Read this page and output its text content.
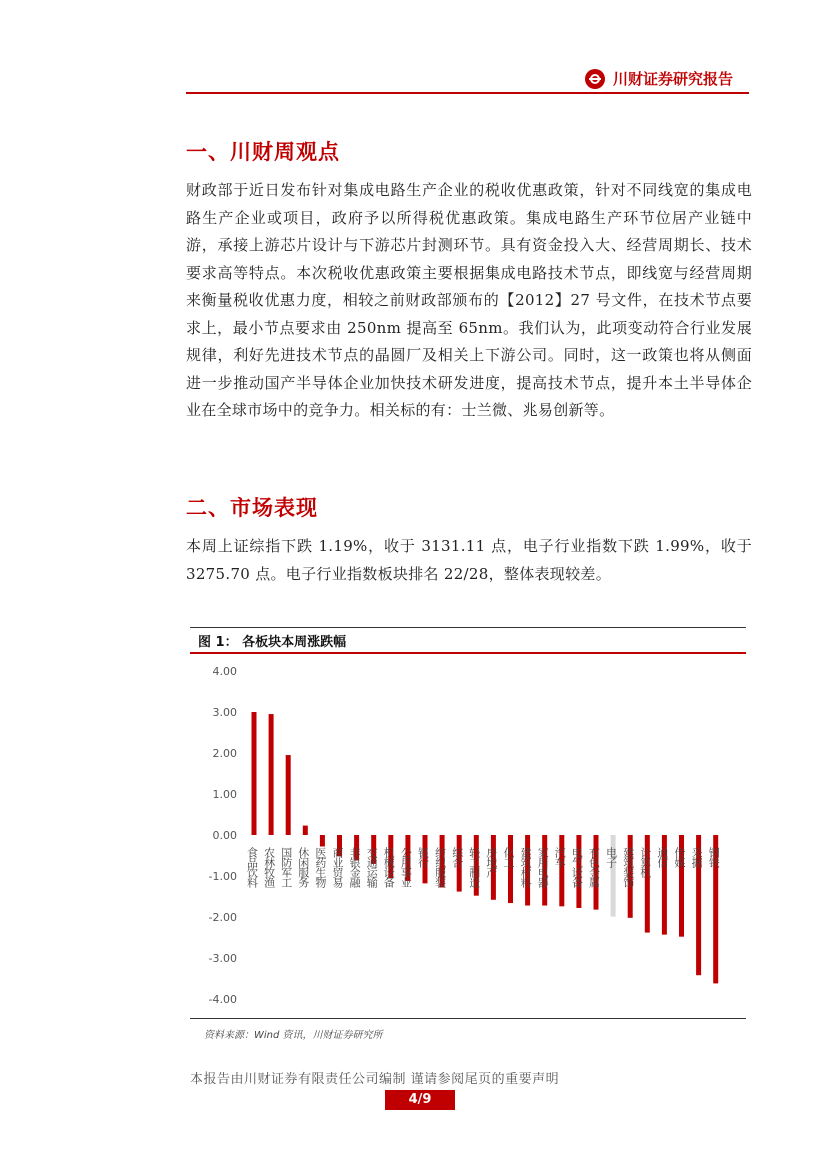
川财证券研究报告
一、川财周观点

财政部于近日发布针对集成电路生产企业的税收优惠政策，针对不同线宽的集成电路生产企业或项目，政府予以所得税优惠政策。集成电路生产环节位居产业链中游，承接上游芯片设计与下游芯片封测环节。具有资金投入大、经营周期长、技术要求高等特点。本次税收优惠政策主要根据集成电路技术节点，即线宽与经营周期来衡量税收优惠力度，相较之前财政部颁布的【2012】27 号文件，在技术节点要求上，最小节点要求由 250nm 提高至 65nm。我们认为，此项变动符合行业发展规律，利好先进技术节点的晶圆厂及相关上下游公司。同时，这一政策也将从侧面进一步推动国产半导体企业加快技术研发进度，提高技术节点，提升本土半导体企业在全球市场中的竞争力。相关标的有：士兰微、兆易创新等。

二、市场表现

本周上证综指下跌 1.19%，收于 3131.11 点，电子行业指数下跌 1.99%，收于 3275.70 点。电子行业指数板块排名 22/28，整体表现较差。

图 1： 各板块本周涨跌幅
4.00
3.00
2.00
1.00
0.00
-1.00
-2.00
-3.00
-4.00
食品饮料 农林牧渔 国防军工 休闲服务 医药生物 商业贸易 非银金融 交通运输 机械设备 公用事业 银行 纺织服装 综合 轻工制造 房地产 化工 建筑材料 家用电器 汽车 电气设备 有色金属 电子 建筑装饰 计算机 通信 传媒 采掘 钢铁
资料来源：Wind 资讯，川财证券研究所
本报告由川财证券有限责任公司编制 谨请参阅尾页的重要声明
4/9
